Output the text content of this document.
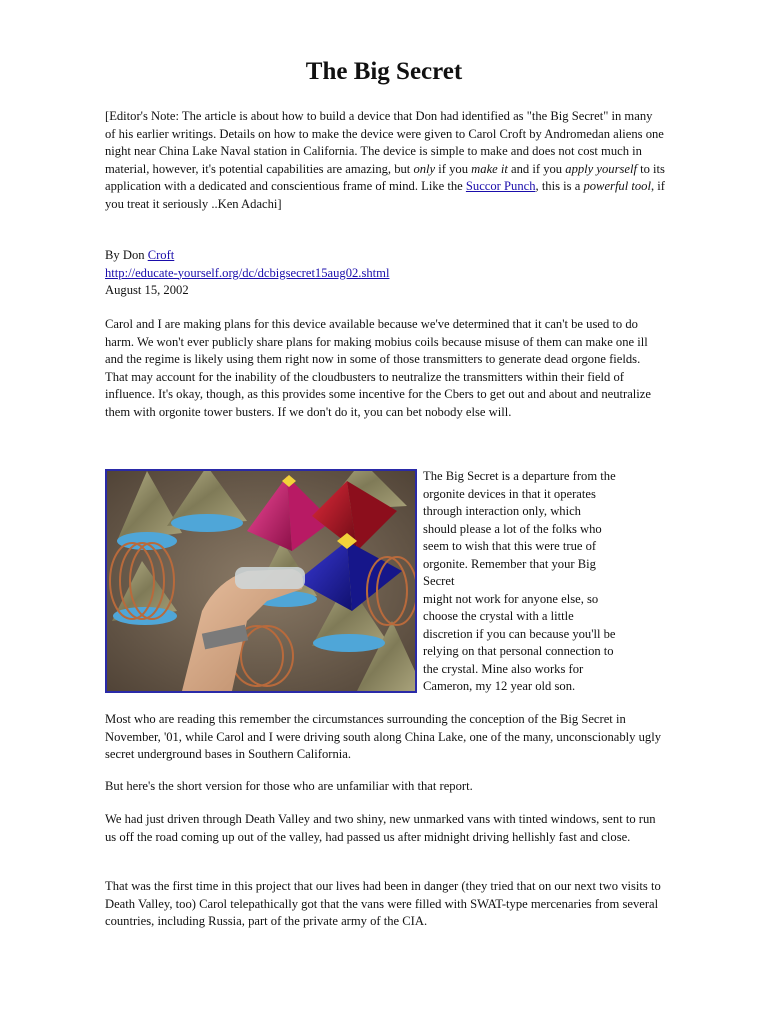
The Big Secret

[Editor's Note: The article is about how to build a device that Don had identified as "the Big Secret" in many of his earlier writings. Details on how to make the device were given to Carol Croft by Andromedan aliens one night near China Lake Naval station in California. The device is simple to make and does not cost much in material, however, it's potential capabilities are amazing, but only if you make it and if you apply yourself to its application with a dedicated and conscientious frame of mind. Like the Succor Punch, this is a powerful tool, if you treat it seriously ..Ken Adachi]

By Don Croft

http://educate-yourself.org/dc/dcbigsecret15aug02.shtml

August 15, 2002

Carol and I are making plans for this device available because we've determined that it can't be used to do harm. We won't ever publicly share plans for making mobius coils because misuse of them can make one ill and the regime is likely using them right now in some of those transmitters to generate dead orgone fields. That may account for the inability of the cloudbusters to neutralize the transmitters within their field of influence. It's okay, though, as this provides some incentive for the Cbers to get out and about and neutralize them with orgonite tower busters. If we don't do it, you can bet nobody else will.

The Big Secret is a departure from the
orgonite devices in that it operates
through interaction only, which
should please a lot of the folks who
seem to wish that this were true of
orgonite. Remember that your Big
Secret
might not work for anyone else, so
choose the crystal with a little
discretion if you can because you'll be
relying on that personal connection to
the crystal. Mine also works for
Cameron, my 12 year old son.

Most who are reading this remember the circumstances surrounding the conception of the Big Secret in November, '01, while Carol and I were driving south along China Lake, one of the many, unconscionably ugly secret underground bases in Southern California.

But here's the short version for those who are unfamiliar with that report.

We had just driven through Death Valley and two shiny, new unmarked vans with tinted windows, sent to run us off the road coming up out of the valley, had passed us after midnight driving hellishly fast and close.

That was the first time in this project that our lives had been in danger (they tried that on our next two visits to Death Valley, too) Carol telepathically got that the vans were filled with SWAT-type mercenaries from several countries, including Russia, part of the private army of the CIA.
